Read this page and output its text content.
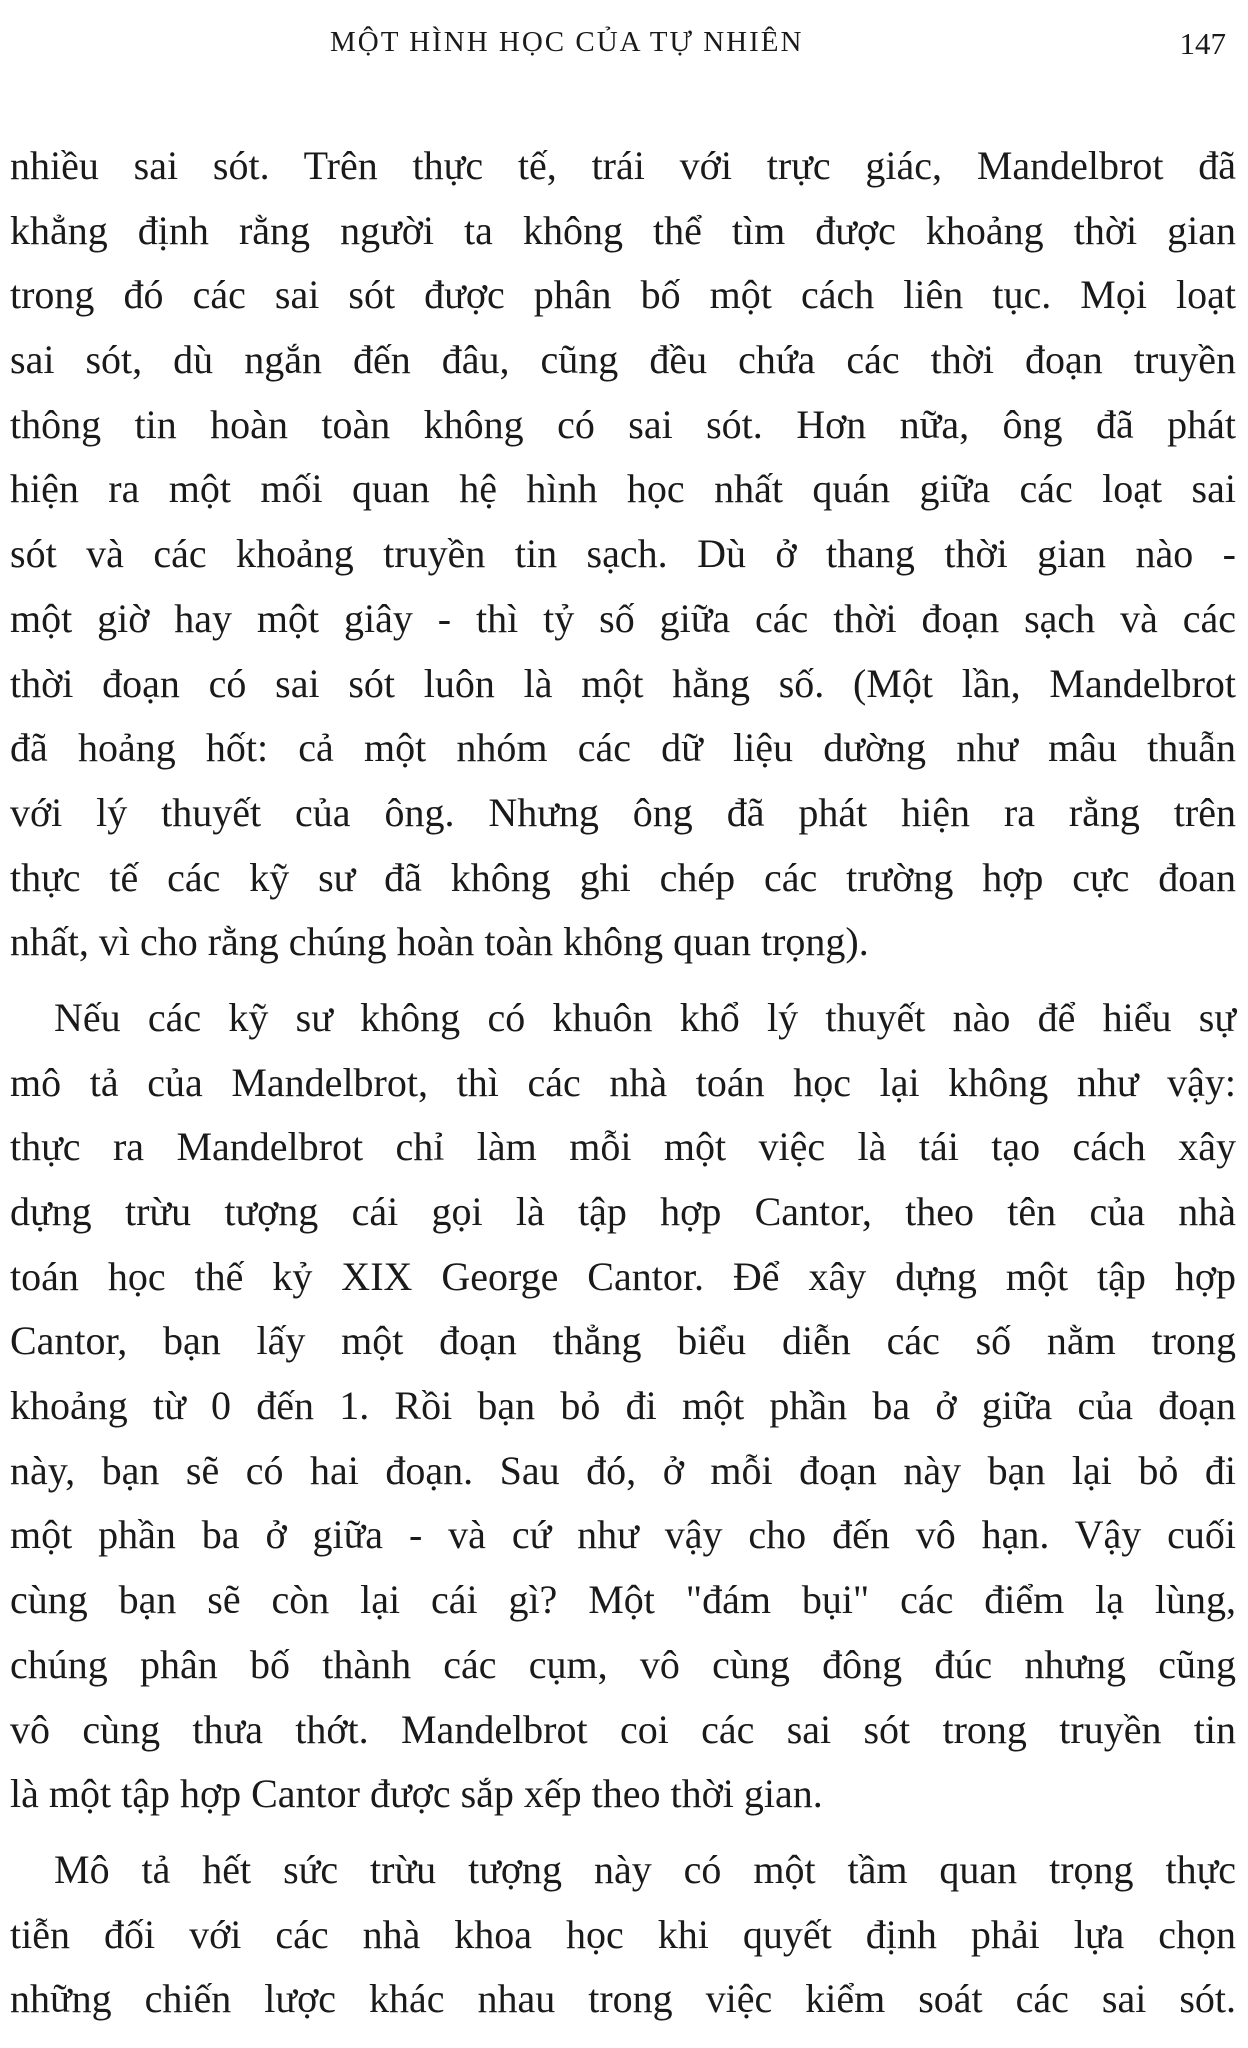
MỘT HÌNH HỌC CỦA TỰ NHIÊN	147
nhiều sai sót. Trên thực tế, trái với trực giác, Mandelbrot đã
khẳng định rằng người ta không thể tìm được khoảng thời gian
trong đó các sai sót được phân bố một cách liên tục. Mọi loạt
sai sót, dù ngắn đến đâu, cũng đều chứa các thời đoạn truyền
thông tin hoàn toàn không có sai sót. Hơn nữa, ông đã phát
hiện ra một mối quan hệ hình học nhất quán giữa các loạt sai
sót và các khoảng truyền tin sạch. Dù ở thang thời gian nào -
một giờ hay một giây - thì tỷ số giữa các thời đoạn sạch và các
thời đoạn có sai sót luôn là một hằng số. (Một lần, Mandelbrot
đã hoảng hốt: cả một nhóm các dữ liệu dường như mâu thuẫn
với lý thuyết của ông. Nhưng ông đã phát hiện ra rằng trên
thực tế các kỹ sư đã không ghi chép các trường hợp cực đoan
nhất, vì cho rằng chúng hoàn toàn không quan trọng).
Nếu các kỹ sư không có khuôn khổ lý thuyết nào để hiểu sự
mô tả của Mandelbrot, thì các nhà toán học lại không như vậy:
thực ra Mandelbrot chỉ làm mỗi một việc là tái tạo cách xây
dựng trừu tượng cái gọi là tập hợp Cantor, theo tên của nhà
toán học thế kỷ XIX George Cantor. Để xây dựng một tập hợp
Cantor, bạn lấy một đoạn thẳng biểu diễn các số nằm trong
khoảng từ 0 đến 1. Rồi bạn bỏ đi một phần ba ở giữa của đoạn
này, bạn sẽ có hai đoạn. Sau đó, ở mỗi đoạn này bạn lại bỏ đi
một phần ba ở giữa - và cứ như vậy cho đến vô hạn. Vậy cuối
cùng bạn sẽ còn lại cái gì? Một "đám bụi" các điểm lạ lùng,
chúng phân bố thành các cụm, vô cùng đông đúc nhưng cũng
vô cùng thưa thớt. Mandelbrot coi các sai sót trong truyền tin
là một tập hợp Cantor được sắp xếp theo thời gian.
Mô tả hết sức trừu tượng này có một tầm quan trọng thực
tiễn đối với các nhà khoa học khi quyết định phải lựa chọn
những chiến lược khác nhau trong việc kiểm soát các sai sót.
